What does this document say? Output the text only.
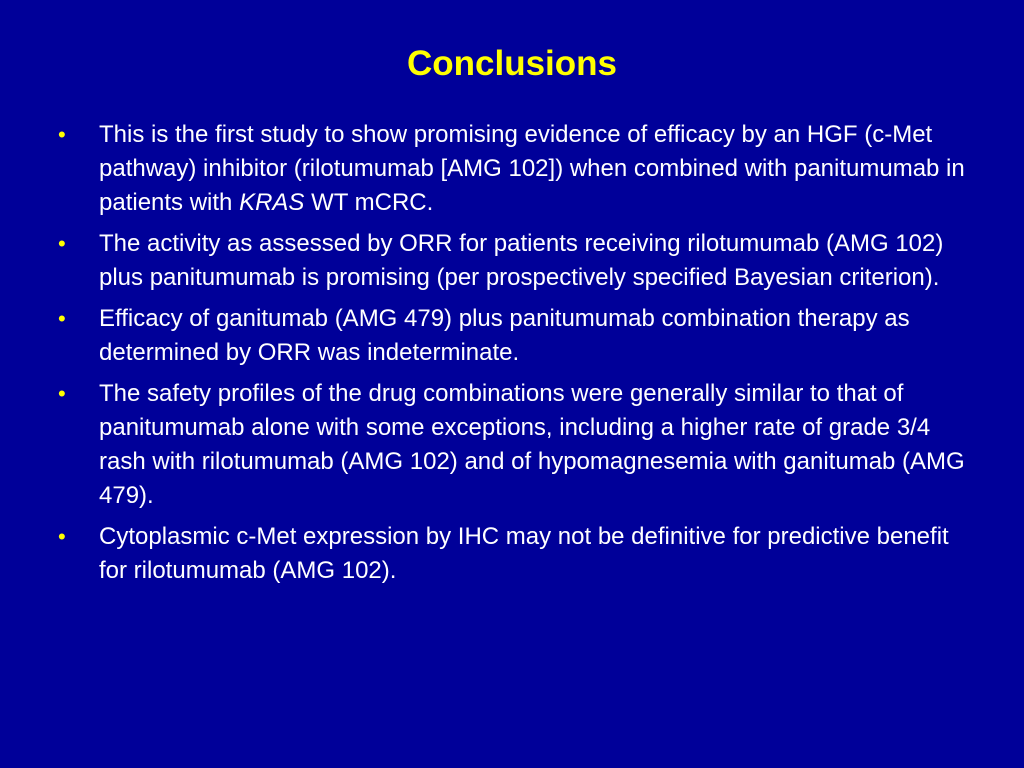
Conclusions
• This is the first study to show promising evidence of efficacy by an HGF (c-Met pathway) inhibitor (rilotumumab [AMG 102]) when combined with panitumumab in patients with KRAS WT mCRC.
• The activity as assessed by ORR for patients receiving rilotumumab (AMG 102) plus panitumumab is promising (per prospectively specified Bayesian criterion).
• Efficacy of ganitumab (AMG 479) plus panitumumab combination therapy as determined by ORR was indeterminate.
• The safety profiles of the drug combinations were generally similar to that of panitumumab alone with some exceptions, including a higher rate of grade 3/4 rash with rilotumumab (AMG 102) and of hypomagnesemia with ganitumab (AMG 479).
• Cytoplasmic c-Met expression by IHC may not be definitive for predictive benefit for rilotumumab (AMG 102).
